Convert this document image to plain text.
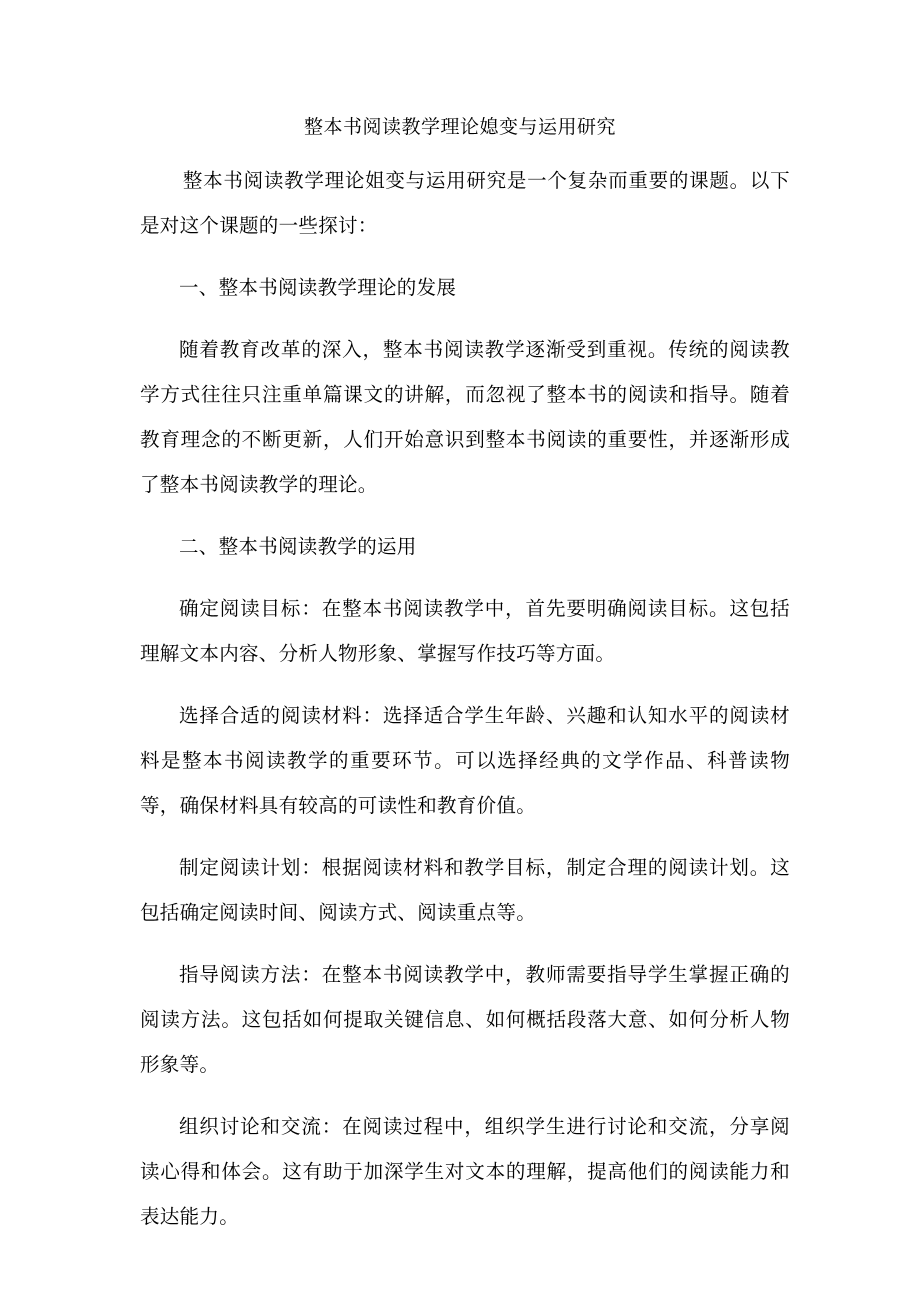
整本书阅读教学理论媳变与运用研究

整本书阅读教学理论姐变与运用研究是一个复杂而重要的课题。以下是对这个课题的一些探讨：

一、整本书阅读教学理论的发展

随着教育改革的深入，整本书阅读教学逐渐受到重视。传统的阅读教学方式往往只注重单篇课文的讲解，而忽视了整本书的阅读和指导。随着教育理念的不断更新，人们开始意识到整本书阅读的重要性，并逐渐形成了整本书阅读教学的理论。

二、整本书阅读教学的运用

确定阅读目标：在整本书阅读教学中，首先要明确阅读目标。这包括理解文本内容、分析人物形象、掌握写作技巧等方面。

选择合适的阅读材料：选择适合学生年龄、兴趣和认知水平的阅读材料是整本书阅读教学的重要环节。可以选择经典的文学作品、科普读物等，确保材料具有较高的可读性和教育价值。

制定阅读计划：根据阅读材料和教学目标，制定合理的阅读计划。这包括确定阅读时间、阅读方式、阅读重点等。

指导阅读方法：在整本书阅读教学中，教师需要指导学生掌握正确的阅读方法。这包括如何提取关键信息、如何概括段落大意、如何分析人物形象等。

组织讨论和交流：在阅读过程中，组织学生进行讨论和交流，分享阅读心得和体会。这有助于加深学生对文本的理解，提高他们的阅读能力和表达能力。
